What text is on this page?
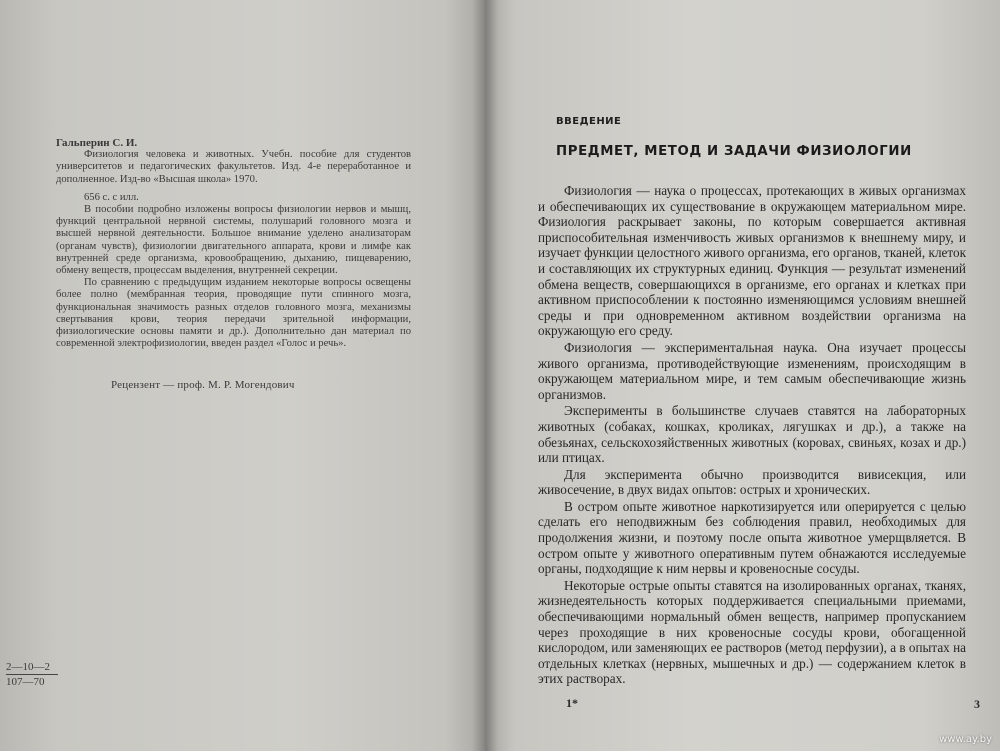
Гальперин С. И.

Физиология человека и животных. Учебн. пособие для студентов университетов и педагогических факультетов. Изд. 4-е переработанное и дополненное. Изд-во «Высшая школа» 1970.

656 с. с илл.

В пособии подробно изложены вопросы физиологии нервов и мышц, функций центральной нервной системы, полушарий головного мозга и высшей нервной деятельности. Большое внимание уделено анализаторам (органам чувств), физиологии двигательного аппарата, крови и лимфе как внутренней среде организма, кровообращению, дыханию, пищеварению, обмену веществ, процессам выделения, внутренней секреции.

По сравнению с предыдущим изданием некоторые вопросы освещены более полно (мембранная теория, проводящие пути спинного мозга, функциональная значимость разных отделов головного мозга, механизмы свертывания крови, теория передачи зрительной информации, физиологические основы памяти и др.). Дополнительно дан материал по современной электрофизиологии, введен раздел «Голос и речь».

Рецензент — проф. М. Р. Могендович
2—10—2
107—70
ВВЕДЕНИЕ
ПРЕДМЕТ, МЕТОД И ЗАДАЧИ ФИЗИОЛОГИИ

Физиология — наука о процессах, протекающих в живых организмах и обеспечивающих их существование в окружающем материальном мире. Физиология раскрывает законы, по которым совершается активная приспособительная изменчивость живых организмов к внешнему миру, и изучает функции целостного живого организма, его органов, тканей, клеток и составляющих их структурных единиц. Функция — результат изменений обмена веществ, совершающихся в организме, его органах и клетках при активном приспособлении к постоянно изменяющимся условиям внешней среды и при одновременном активном воздействии организма на окружающую его среду.

Физиология — экспериментальная наука. Она изучает процессы живого организма, противодействующие изменениям, происходящим в окружающем материальном мире, и тем самым обеспечивающие жизнь организмов.

Эксперименты в большинстве случаев ставятся на лабораторных животных (собаках, кошках, кроликах, лягушках и др.), а также на обезьянах, сельскохозяйственных животных (коровах, свиньях, козах и др.) или птицах.

Для эксперимента обычно производится вивисекция, или живосечение, в двух видах опытов: острых и хронических.

В остром опыте животное наркотизируется или оперируется с целью сделать его неподвижным без соблюдения правил, необходимых для продолжения жизни, и поэтому после опыта животное умерщвляется. В остром опыте у животного оперативным путем обнажаются исследуемые органы, подходящие к ним нервы и кровеносные сосуды.

Некоторые острые опыты ставятся на изолированных органах, тканях, жизнедеятельность которых поддерживается специальными приемами, обеспечивающими нормальный обмен веществ, например пропусканием через проходящие в них кровеносные сосуды крови, обогащенной кислородом, или заменяющих ее растворов (метод перфузии), а в опытах на отдельных клетках (нервных, мышечных и др.) — содержанием клеток в этих растворах.

1*	3
www.ay.by
